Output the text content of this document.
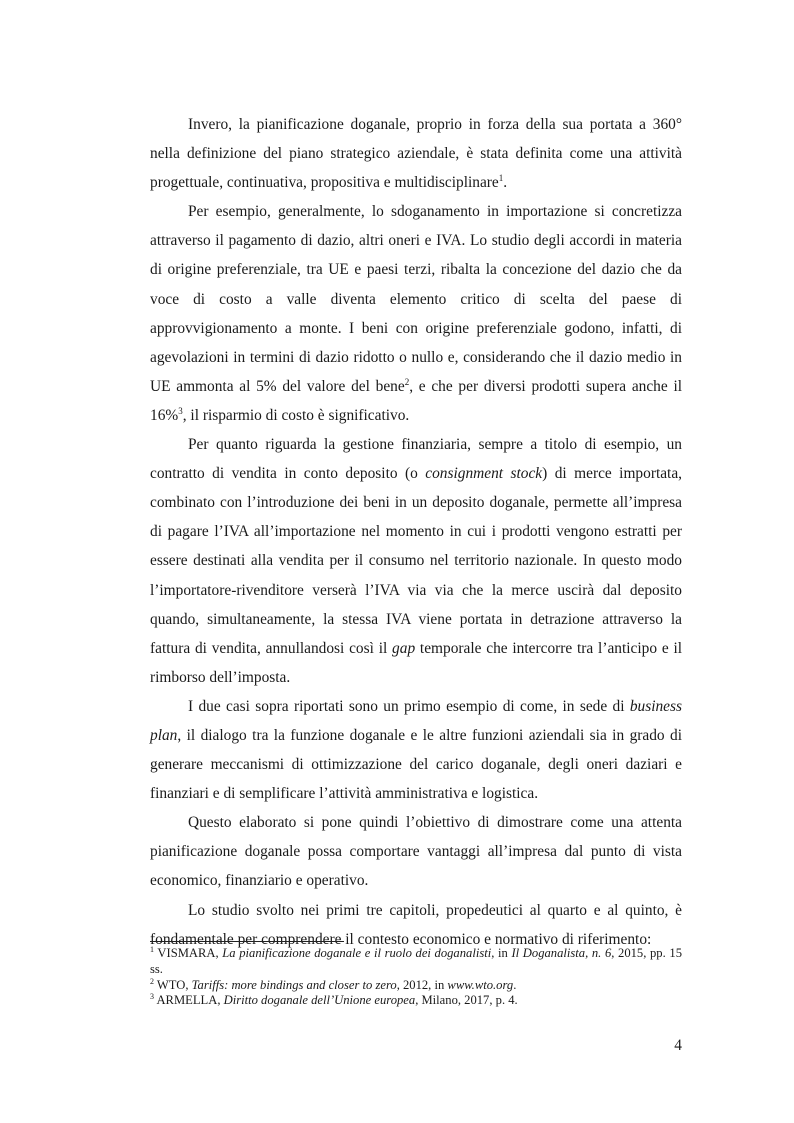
Invero, la pianificazione doganale, proprio in forza della sua portata a 360° nella definizione del piano strategico aziendale, è stata definita come una attività progettuale, continuativa, propositiva e multidisciplinare$^1$.

Per esempio, generalmente, lo sdoganamento in importazione si concretizza attraverso il pagamento di dazio, altri oneri e IVA. Lo studio degli accordi in materia di origine preferenziale, tra UE e paesi terzi, ribalta la concezione del dazio che da voce di costo a valle diventa elemento critico di scelta del paese di approvvigionamento a monte. I beni con origine preferenziale godono, infatti, di agevolazioni in termini di dazio ridotto o nullo e, considerando che il dazio medio in UE ammonta al 5% del valore del bene$^2$, e che per diversi prodotti supera anche il 16%$^3$, il risparmio di costo è significativo.

Per quanto riguarda la gestione finanziaria, sempre a titolo di esempio, un contratto di vendita in conto deposito (o consignment stock) di merce importata, combinato con l’introduzione dei beni in un deposito doganale, permette all’impresa di pagare l’IVA all’importazione nel momento in cui i prodotti vengono estratti per essere destinati alla vendita per il consumo nel territorio nazionale. In questo modo l’importatore-rivenditore verserà l’IVA via via che la merce uscirà dal deposito quando, simultaneamente, la stessa IVA viene portata in detrazione attraverso la fattura di vendita, annullandosi così il gap temporale che intercorre tra l’anticipo e il rimborso dell’imposta.

I due casi sopra riportati sono un primo esempio di come, in sede di business plan, il dialogo tra la funzione doganale e le altre funzioni aziendali sia in grado di generare meccanismi di ottimizzazione del carico doganale, degli oneri daziari e finanziari e di semplificare l’attività amministrativa e logistica.

Questo elaborato si pone quindi l’obiettivo di dimostrare come una attenta pianificazione doganale possa comportare vantaggi all’impresa dal punto di vista economico, finanziario e operativo.

Lo studio svolto nei primi tre capitoli, propedeutici al quarto e al quinto, è fondamentale per comprendere il contesto economico e normativo di riferimento:

$^1$ VISMARA, La pianificazione doganale e il ruolo dei doganalisti, in Il Doganalista, n. 6, 2015, pp. 15 ss.

$^2$ WTO, Tariffs: more bindings and closer to zero, 2012, in www.wto.org.

$^3$ ARMELLA, Diritto doganale dell’Unione europea, Milano, 2017, p. 4.

4
